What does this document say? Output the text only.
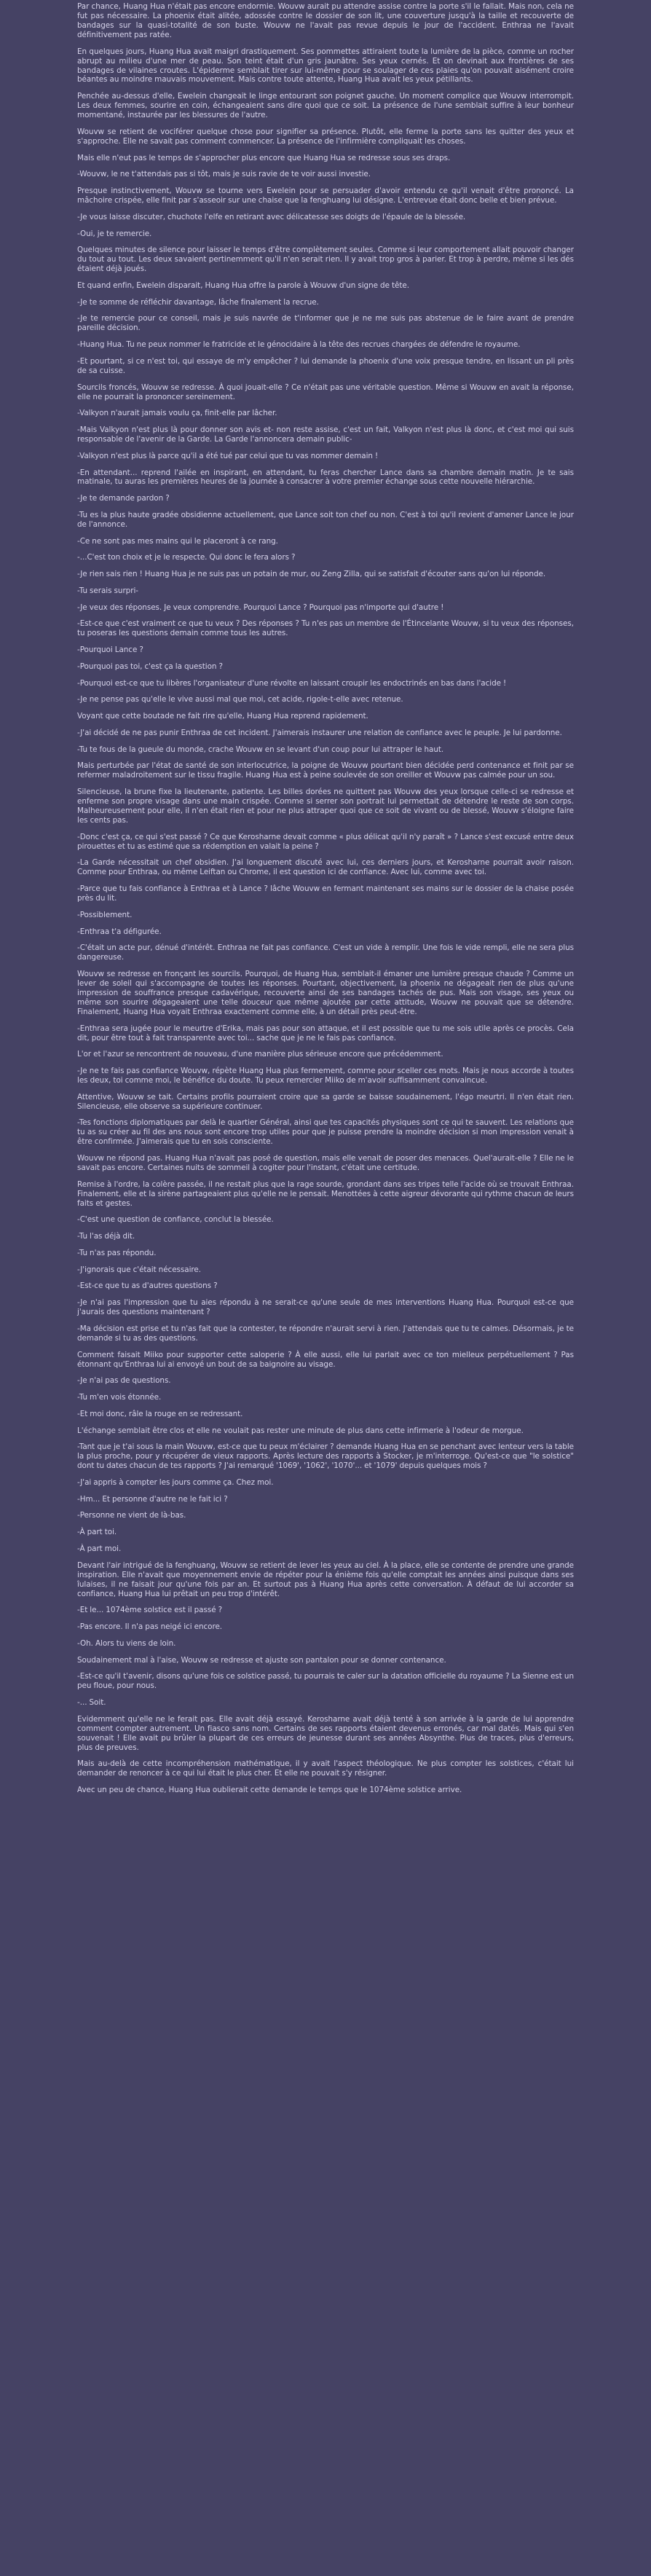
Par chance, Huang Hua n'était pas encore endormie. Wouvw aurait pu attendre assise contre la porte s'il le fallait. Mais non, cela ne fut pas nécessaire. La phoenix était alitée, adossée contre le dossier de son lit, une couverture jusqu'à la taille et recouverte de bandages sur la quasi-totalité de son buste. Wouvw ne l'avait pas revue depuis le jour de l'accident. Enthraa ne l'avait définitivement pas ratée.

En quelques jours, Huang Hua avait maigri drastiquement. Ses pommettes attiraient toute la lumière de la pièce, comme un rocher abrupt au milieu d'une mer de peau. Son teint était d'un gris jaunâtre. Ses yeux cernés. Et on devinait aux frontières de ses bandages de vilaines croutes. L'épiderme semblait tirer sur lui-même pour se soulager de ces plaies qu'on pouvait aisément croire béantes au moindre mauvais mouvement. Mais contre toute attente, Huang Hua avait les yeux pétillants.

Penchée au-dessus d'elle, Ewelein changeait le linge entourant son poignet gauche. Un moment complice que Wouvw interrompit. Les deux femmes, sourire en coin, échangeaient sans dire quoi que ce soit. La présence de l'une semblait suffire à leur bonheur momentané, instaurée par les blessures de l'autre.

Wouvw se retient de vociférer quelque chose pour signifier sa présence. Plutôt, elle ferme la porte sans les quitter des yeux et s'approche. Elle ne savait pas comment commencer. La présence de l'infirmière compliquait les choses.

Mais elle n'eut pas le temps de s'approcher plus encore que Huang Hua se redresse sous ses draps.

-Wouvw, le ne t'attendais pas si tôt, mais je suis ravie de te voir aussi investie.

Presque instinctivement, Wouvw se tourne vers Ewelein pour se persuader d'avoir entendu ce qu'il venait d'être prononcé. La mâchoire crispée, elle finit par s'asseoir sur une chaise que la fenghuang lui désigne. L'entrevue était donc belle et bien prévue.

-Je vous laisse discuter, chuchote l'elfe en retirant avec délicatesse ses doigts de l'épaule de la blessée.

-Oui, je te remercie.

Quelques minutes de silence pour laisser le temps d'être complètement seules. Comme si leur comportement allait pouvoir changer du tout au tout. Les deux savaient pertinemment qu'il n'en serait rien. Il y avait trop gros à parier. Et trop à perdre, même si les dés étaient déjà joués.

Et quand enfin, Ewelein disparait, Huang Hua offre la parole à Wouvw d'un signe de tête.

-Je te somme de réfléchir davantage, lâche finalement la recrue.

-Je te remercie pour ce conseil, mais je suis navrée de t'informer que je ne me suis pas abstenue de le faire avant de prendre pareille décision.

-Huang Hua. Tu ne peux nommer le fratricide et le génocidaire à la tête des recrues chargées de défendre le royaume.

-Et pourtant, si ce n'est toi, qui essaye de m'y empêcher ? lui demande la phoenix d'une voix presque tendre, en lissant un pli près de sa cuisse.

Sourcils froncés, Wouvw se redresse. À quoi jouait-elle ? Ce n'était pas une véritable question. Même si Wouvw en avait la réponse, elle ne pourrait la prononcer sereinement.

-Valkyon n'aurait jamais voulu ça, finit-elle par lâcher.

-Mais Valkyon n'est plus là pour donner son avis et- non reste assise, c'est un fait, Valkyon n'est plus là donc, et c'est moi qui suis responsable de l'avenir de la Garde. La Garde l'annoncera demain public-

-Valkyon n'est plus là parce qu'il a été tué par celui que tu vas nommer demain !

-En attendant... reprend l'ailée en inspirant, en attendant, tu feras chercher Lance dans sa chambre demain matin. Je te sais matinale, tu auras les premières heures de la journée à consacrer à votre premier échange sous cette nouvelle hiérarchie.

-Je te demande pardon ?

-Tu es la plus haute gradée obsidienne actuellement, que Lance soit ton chef ou non. C'est à toi qu'il revient d'amener Lance le jour de l'annonce.

-Ce ne sont pas mes mains qui le placeront à ce rang.

-...C'est ton choix et je le respecte. Qui donc le fera alors ?

-Je rien sais rien ! Huang Hua je ne suis pas un potain de mur, ou Zeng Zilla, qui se satisfait d'écouter sans qu'on lui réponde.

-Tu serais surpri-

-Je veux des réponses. Je veux comprendre. Pourquoi Lance ? Pourquoi pas n'importe qui d'autre !

-Est-ce que c'est vraiment ce que tu veux ? Des réponses ? Tu n'es pas un membre de l'Étincelante Wouvw, si tu veux des réponses, tu poseras les questions demain comme tous les autres.

-Pourquoi Lance ?

-Pourquoi pas toi, c'est ça la question ?

-Pourquoi est-ce que tu libères l'organisateur d'une révolte en laissant croupir les endoctrinés en bas dans l'acide !

-Je ne pense pas qu'elle le vive aussi mal que moi, cet acide, rigole-t-elle avec retenue.

Voyant que cette boutade ne fait rire qu'elle, Huang Hua reprend rapidement.

-J'ai décidé de ne pas punir Enthraa de cet incident. J'aimerais instaurer une relation de confiance avec le peuple. Je lui pardonne.

-Tu te fous de la gueule du monde, crache Wouvw en se levant d'un coup pour lui attraper le haut.

Mais perturbée par l'état de santé de son interlocutrice, la poigne de Wouvw pourtant bien décidée perd contenance et finit par se refermer maladroitement sur le tissu fragile. Huang Hua est à peine soulevée de son oreiller et Wouvw pas calmée pour un sou.

Silencieuse, la brune fixe la lieutenante, patiente. Les billes dorées ne quittent pas Wouvw des yeux lorsque celle-ci se redresse et enferme son propre visage dans une main crispée. Comme si serrer son portrait lui permettait de détendre le reste de son corps. Malheureusement pour elle, il n'en était rien et pour ne plus attraper quoi que ce soit de vivant ou de blessé, Wouvw s'éloigne faire les cents pas.

-Donc c'est ça, ce qui s'est passé ? Ce que Kerosharne devait comme « plus délicat qu'il n'y paraît » ? Lance s'est excusé entre deux pirouettes et tu as estimé que sa rédemption en valait la peine ?

-La Garde nécessitait un chef obsidien. J'ai longuement discuté avec lui, ces derniers jours, et Kerosharne pourrait avoir raison. Comme pour Enthraa, ou même Leiftan ou Chrome, il est question ici de confiance. Avec lui, comme avec toi.

-Parce que tu fais confiance à Enthraa et à Lance ? lâche Wouvw en fermant maintenant ses mains sur le dossier de la chaise posée près du lit.

-Possiblement.

-Enthraa t'a défigurée.

-C'était un acte pur, dénué d'intérêt. Enthraa ne fait pas confiance. C'est un vide à remplir. Une fois le vide rempli, elle ne sera plus dangereuse.

Wouvw se redresse en fronçant les sourcils. Pourquoi, de Huang Hua, semblait-il émaner une lumière presque chaude ? Comme un lever de soleil qui s'accompagne de toutes les réponses. Pourtant, objectivement, la phoenix ne dégageait rien de plus qu'une impression de souffrance presque cadavérique, recouverte ainsi de ses bandages tachés de pus. Mais son visage, ses yeux ou même son sourire dégageaient une telle douceur que même ajoutée par cette attitude, Wouvw ne pouvait que se détendre. Finalement, Huang Hua voyait Enthraa exactement comme elle, à un détail près peut-être.

-Enthraa sera jugée pour le meurtre d'Erika, mais pas pour son attaque, et il est possible que tu me sois utile après ce procès. Cela dit, pour être tout à fait transparente avec toi... sache que je ne le fais pas confiance.

L'or et l'azur se rencontrent de nouveau, d'une manière plus sérieuse encore que précédemment.

-Je ne te fais pas confiance Wouvw, répète Huang Hua plus fermement, comme pour sceller ces mots. Mais je nous accorde à toutes les deux, toi comme moi, le bénéfice du doute. Tu peux remercier Miiko de m'avoir suffisamment convaincue.

Attentive, Wouvw se tait. Certains profils pourraient croire que sa garde se baisse soudainement, l'égo meurtri. Il n'en était rien. Silencieuse, elle observe sa supérieure continuer.

-Tes fonctions diplomatiques par delà le quartier Général, ainsi que tes capacités physiques sont ce qui te sauvent. Les relations que tu as su créer au fil des ans nous sont encore trop utiles pour que je puisse prendre la moindre décision si mon impression venait à être confirmée. J'aimerais que tu en sois consciente.

Wouvw ne répond pas. Huang Hua n'avait pas posé de question, mais elle venait de poser des menaces. Quel'aurait-elle ? Elle ne le savait pas encore. Certaines nuits de sommeil à cogiter pour l'instant, c'était une certitude.

Remise à l'ordre, la colère passée, il ne restait plus que la rage sourde, grondant dans ses tripes telle l'acide où se trouvait Enthraa. Finalement, elle et la sirène partageaient plus qu'elle ne le pensait. Menottées à cette aigreur dévorante qui rythme chacun de leurs faits et gestes.

-C'est une question de confiance, conclut la blessée.

-Tu l'as déjà dit.

-Tu n'as pas répondu.

-J'ignorais que c'était nécessaire.

-Est-ce que tu as d'autres questions ?

-Je n'ai pas l'impression que tu aies répondu à ne serait-ce qu'une seule de mes interventions Huang Hua. Pourquoi est-ce que j'aurais des questions maintenant ?

-Ma décision est prise et tu n'as fait que la contester, te répondre n'aurait servi à rien. J'attendais que tu te calmes. Désormais, je te demande si tu as des questions.

Comment faisait Miiko pour supporter cette saloperie ? À elle aussi, elle lui parlait avec ce ton mielleux perpétuellement ? Pas étonnant qu'Enthraa lui ai envoyé un bout de sa baignoire au visage.

-Je n'ai pas de questions.

-Tu m'en vois étonnée.

-Et moi donc, râle la rouge en se redressant.

L'échange semblait être clos et elle ne voulait pas rester une minute de plus dans cette infirmerie à l'odeur de morgue.

-Tant que je t'ai sous la main Wouvw, est-ce que tu peux m'éclairer ? demande Huang Hua en se penchant avec lenteur vers la table la plus proche, pour y récupérer de vieux rapports. Après lecture des rapports à Stocker, je m'interroge. Qu'est-ce que "le solstice" dont tu dates chacun de tes rapports ? J'ai remarqué '1069', '1062', '1070'... et '1079' depuis quelques mois ?

-J'ai appris à compter les jours comme ça. Chez moi.

-Hm... Et personne d'autre ne le fait ici ?

-Personne ne vient de là-bas.

-À part toi.

-À part moi.

Devant l'air intrigué de la fenghuang, Wouvw se retient de lever les yeux au ciel. À la place, elle se contente de prendre une grande inspiration. Elle n'avait que moyennement envie de répéter pour la énième fois qu'elle comptait les années ainsi puisque dans ses îulaises, il ne faisait jour qu'une fois par an. Et surtout pas à Huang Hua après cette conversation. À défaut de lui accorder sa confiance, Huang Hua lui prêtait un peu trop d'intérêt.

-Et le... 1074ème solstice est il passé ?

-Pas encore. Il n'a pas neigé ici encore.

-Oh. Alors tu viens de loin.

Soudainement mal à l'aise, Wouvw se redresse et ajuste son pantalon pour se donner contenance.

-Est-ce qu'il t'avenir, disons qu'une fois ce solstice passé, tu pourrais te caler sur la datation officielle du royaume ? La Sienne est un peu floue, pour nous.

-... Soit.

Evidemment qu'elle ne le ferait pas. Elle avait déjà essayé. Kerosharne avait déjà tenté à son arrivée à la garde de lui apprendre comment compter autrement. Un fiasco sans nom. Certains de ses rapports étaient devenus erronés, car mal datés. Mais qui s'en souvenait ! Elle avait pu brûler la plupart de ces erreurs de jeunesse durant ses années Absynthe. Plus de traces, plus d'erreurs, plus de preuves.

Mais au-delà de cette incompréhension mathématique, il y avait l'aspect théologique. Ne plus compter les solstices, c'était lui demander de renoncer à ce qui lui était le plus cher. Et elle ne pouvait s'y résigner.

Avec un peu de chance, Huang Hua oublierait cette demande le temps que le 1074ème solstice arrive.
